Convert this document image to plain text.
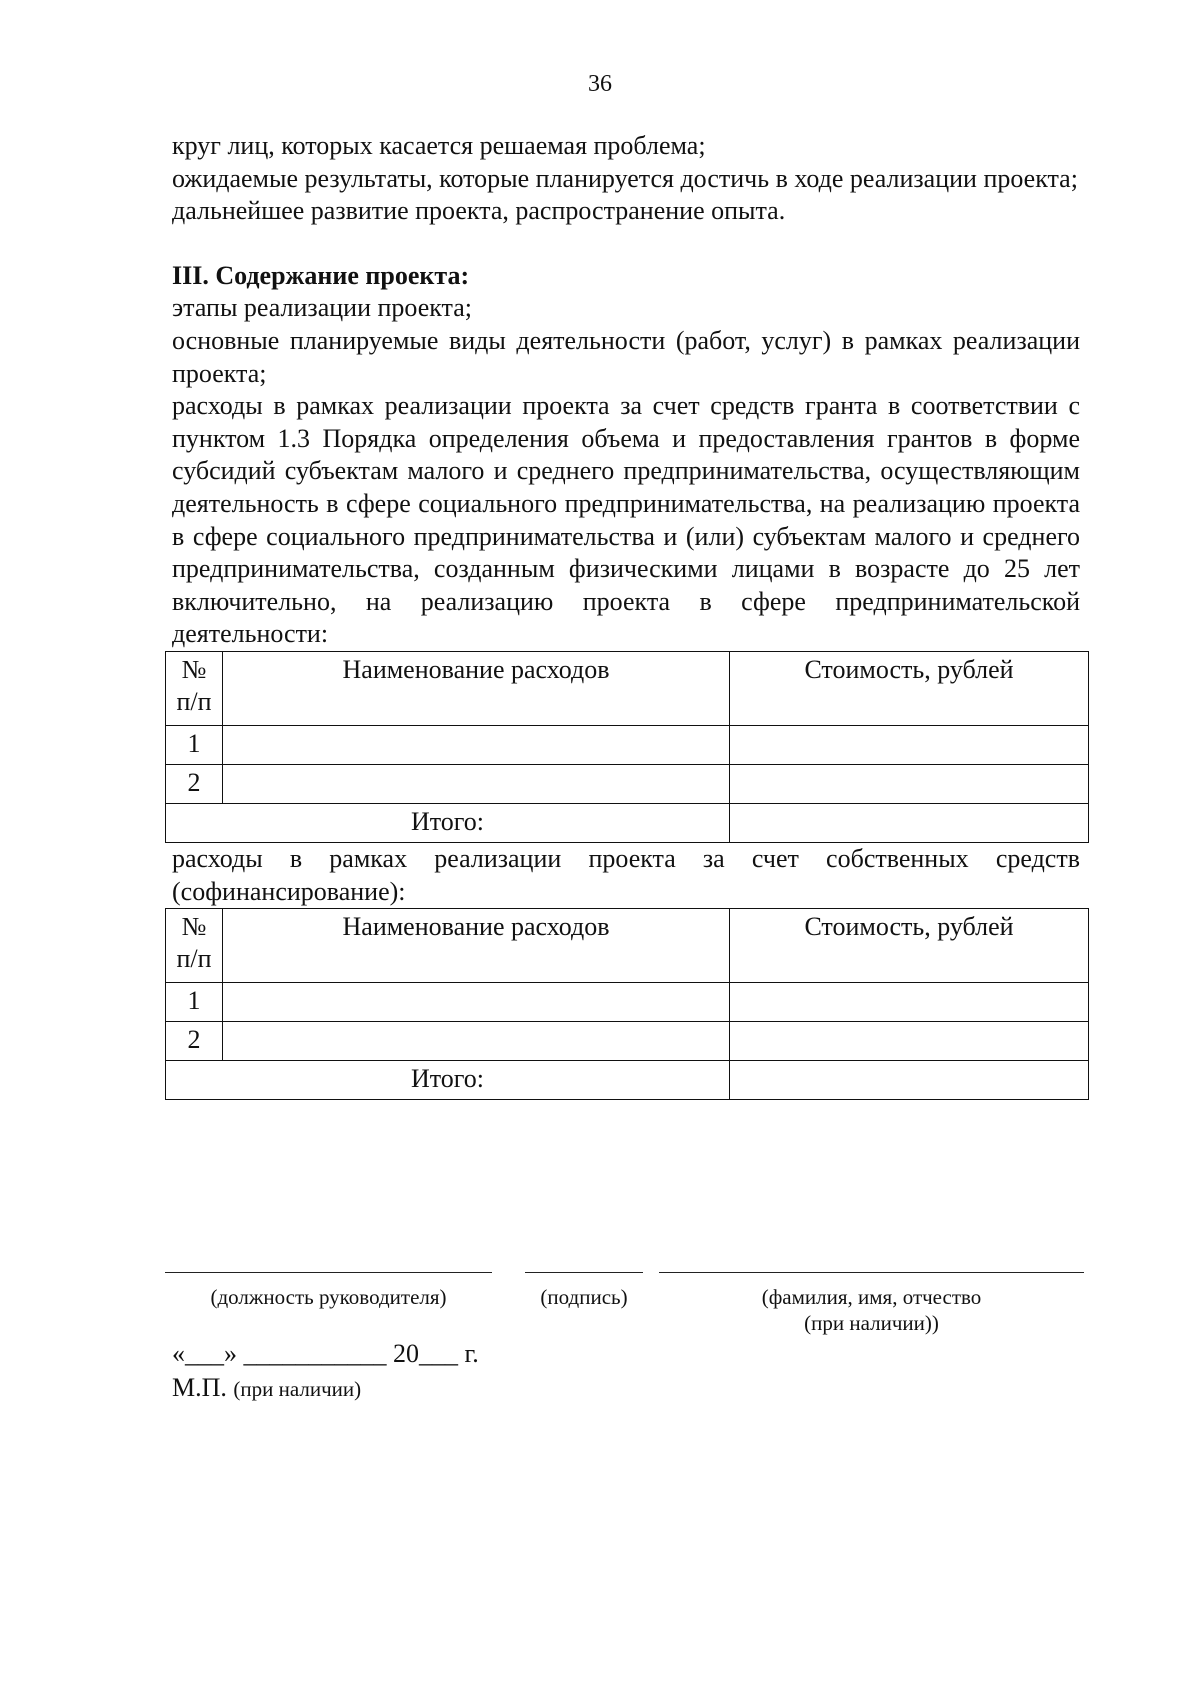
36

круг лиц, которых касается решаемая проблема;

ожидаемые результаты, которые планируется достичь в ходе реализации проекта;

дальнейшее развитие проекта, распространение опыта.

III. Содержание проекта:

этапы реализации проекта;

основные планируемые виды деятельности (работ, услуг) в рамках реализации проекта;

расходы в рамках реализации проекта за счет средств гранта в соответствии с пунктом 1.3 Порядка определения объема и предоставления грантов в форме субсидий субъектам малого и среднего предпринимательства, осуществляющим деятельность в сфере социального предпринимательства, на реализацию проекта в сфере социального предпринимательства и (или) субъектам малого и среднего предпринимательства, созданным физическими лицами в возрасте до 25 лет включительно, на реализацию проекта в сфере предпринимательской деятельности:

№
п/п	Наименование расходов	Стоимость, рублей
1		
2		
Итого:		

расходы в рамках реализации проекта за счет собственных средств (софинансирование):

№
п/п	Наименование расходов	Стоимость, рублей
1		
2		
Итого:		
(должность руководителя)	(подпись)	(фамилия, имя, отчество
(при наличии))
«___» ___________ 20___ г.
М.П. (при наличии)
